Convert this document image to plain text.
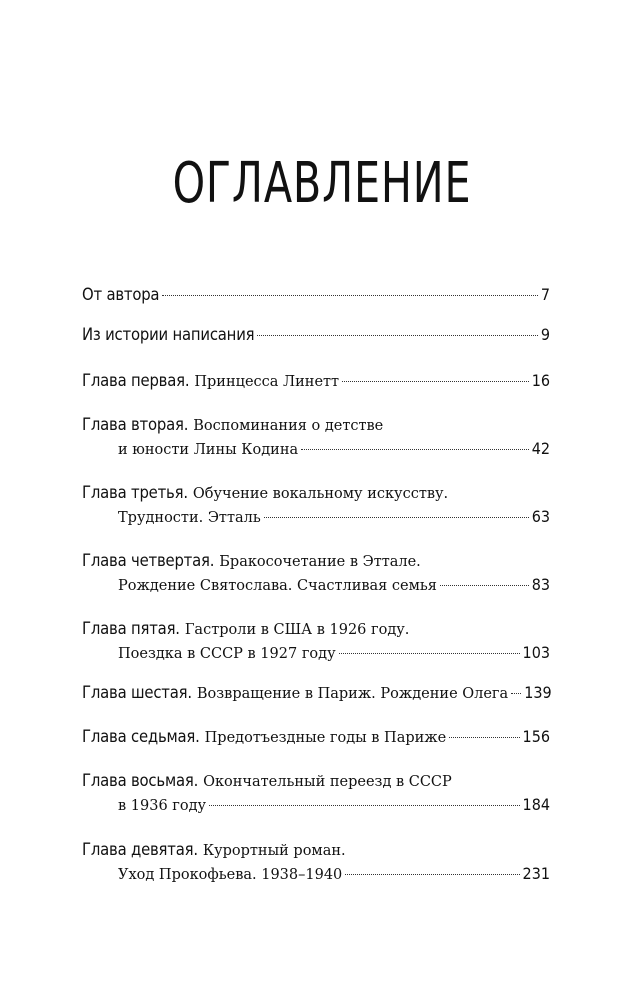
ОГЛАВЛЕНИЕ
От автора	7
Из истории написания	9
Глава первая. Принцесса Линетт	16
Глава вторая. Воспоминания о детстве
и юности Лины Кодина	42
Глава третья. Обучение вокальному искусству.
Трудности. Этталь	63
Глава четвертая. Бракосочетание в Эттале.
Рождение Святослава. Счастливая семья	83
Глава пятая. Гастроли в США в 1926 году.
Поездка в СССР в 1927 году	103
Глава шестая. Возвращение в Париж. Рождение Олега 139
Глава седьмая. Предотъездные годы в Париже	156
Глава восьмая. Окончательный переезд в СССР
в 1936 году	184
Глава девятая. Курортный роман.
Уход Прокофьева. 1938–1940	231
